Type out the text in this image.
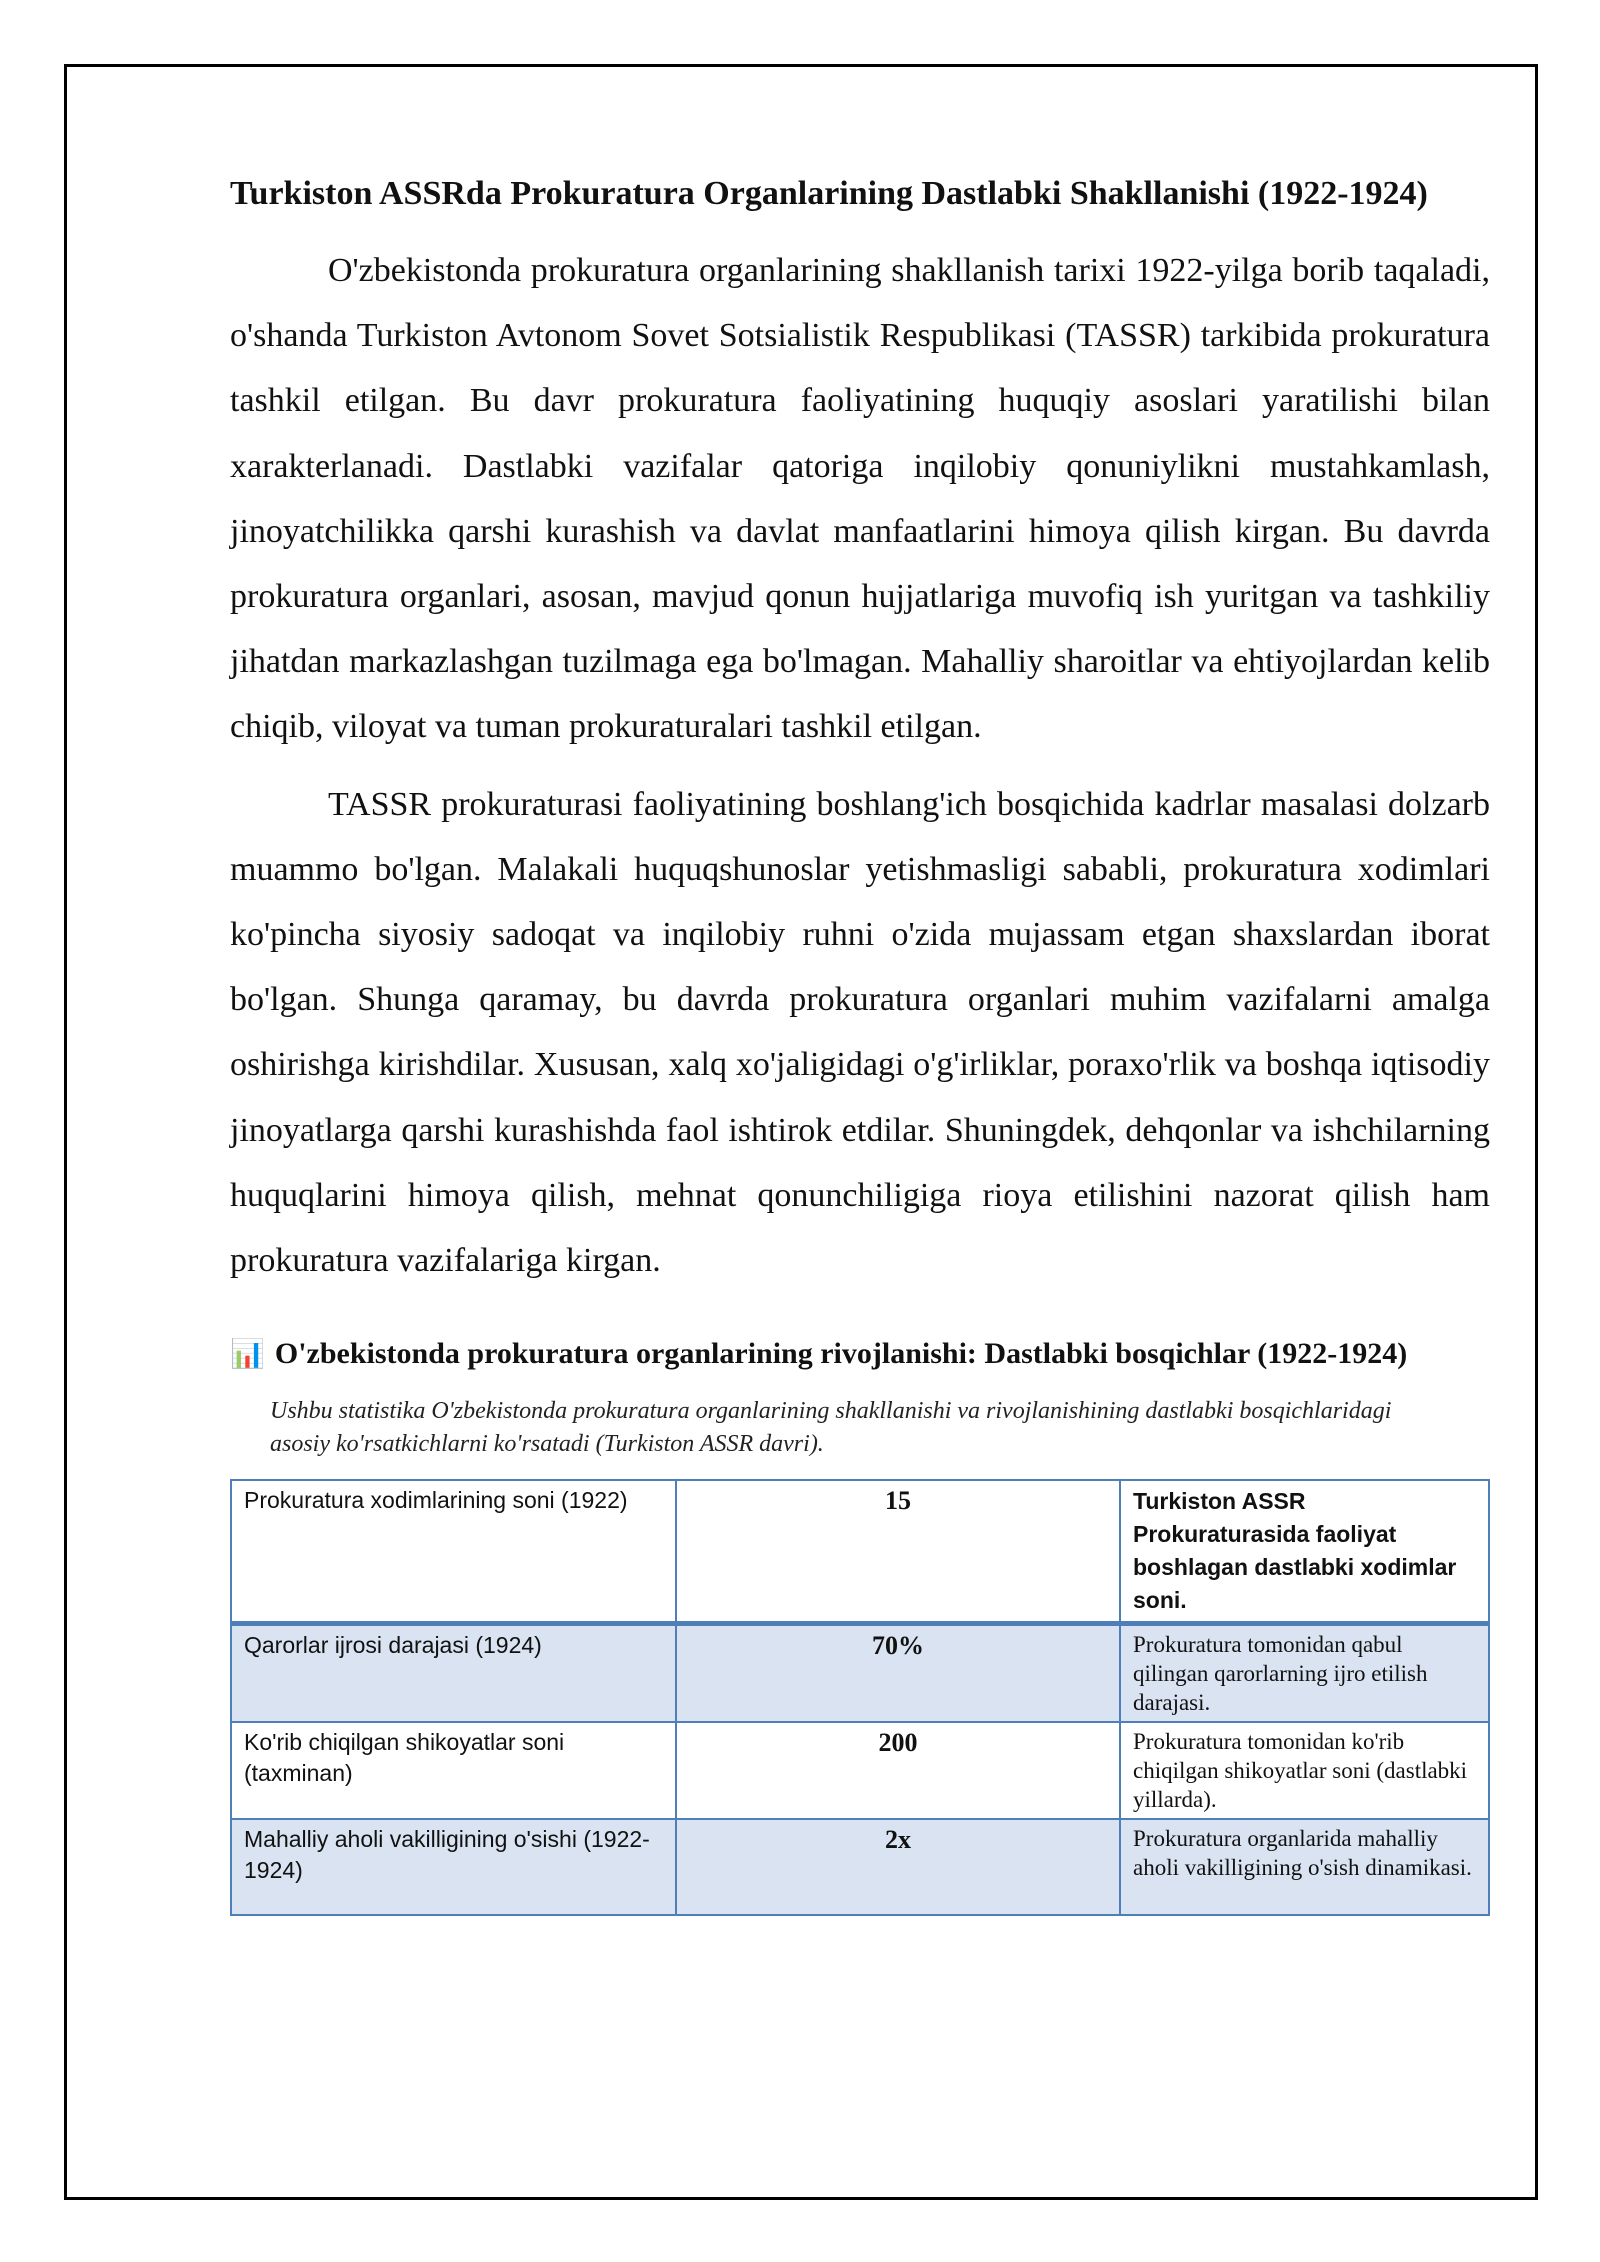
Turkiston ASSRda Prokuratura Organlarining Dastlabki Shakllanishi (1922-1924)

O'zbekistonda prokuratura organlarining shakllanish tarixi 1922-yilga borib taqaladi, o'shanda Turkiston Avtonom Sovet Sotsialistik Respublikasi (TASSR) tarkibida prokuratura tashkil etilgan. Bu davr prokuratura faoliyatining huquqiy asoslari yaratilishi bilan xarakterlanadi. Dastlabki vazifalar qatoriga inqilobiy qonuniylikni mustahkamlash, jinoyatchilikka qarshi kurashish va davlat manfaatlarini himoya qilish kirgan. Bu davrda prokuratura organlari, asosan, mavjud qonun hujjatlariga muvofiq ish yuritgan va tashkiliy jihatdan markazlashgan tuzilmaga ega bo'lmagan. Mahalliy sharoitlar va ehtiyojlardan kelib chiqib, viloyat va tuman prokuraturalari tashkil etilgan.

TASSR prokuraturasi faoliyatining boshlang'ich bosqichida kadrlar masalasi dolzarb muammo bo'lgan. Malakali huquqshunoslar yetishmasligi sababli, prokuratura xodimlari ko'pincha siyosiy sadoqat va inqilobiy ruhni o'zida mujassam etgan shaxslardan iborat bo'lgan. Shunga qaramay, bu davrda prokuratura organlari muhim vazifalarni amalga oshirishga kirishdilar. Xususan, xalq xo'jaligidagi o'g'irliklar, poraxo'rlik va boshqa iqtisodiy jinoyatlarga qarshi kurashishda faol ishtirok etdilar. Shuningdek, dehqonlar va ishchilarning huquqlarini himoya qilish, mehnat qonunchiligiga rioya etilishini nazorat qilish ham prokuratura vazifalariga kirgan.

📊 O'zbekistonda prokuratura organlarining rivojlanishi: Dastlabki bosqichlar (1922-1924)
Ushbu statistika O'zbekistonda prokuratura organlarining shakllanishi va rivojlanishining dastlabki bosqichlaridagi asosiy ko'rsatkichlarni ko'rsatadi (Turkiston ASSR davri).
Prokuratura xodimlarining soni (1922)	15	Turkiston ASSR Prokuraturasida faoliyat boshlagan dastlabki xodimlar soni.
Qarorlar ijrosi darajasi (1924)	70%	Prokuratura tomonidan qabul qilingan qarorlarning ijro etilish darajasi.
Ko'rib chiqilgan shikoyatlar soni (taxminan)	200	Prokuratura tomonidan ko'rib chiqilgan shikoyatlar soni (dastlabki yillarda).
Mahalliy aholi vakilligining o'sishi (1922-1924)	2x	Prokuratura organlarida mahalliy aholi vakilligining o'sish dinamikasi.
